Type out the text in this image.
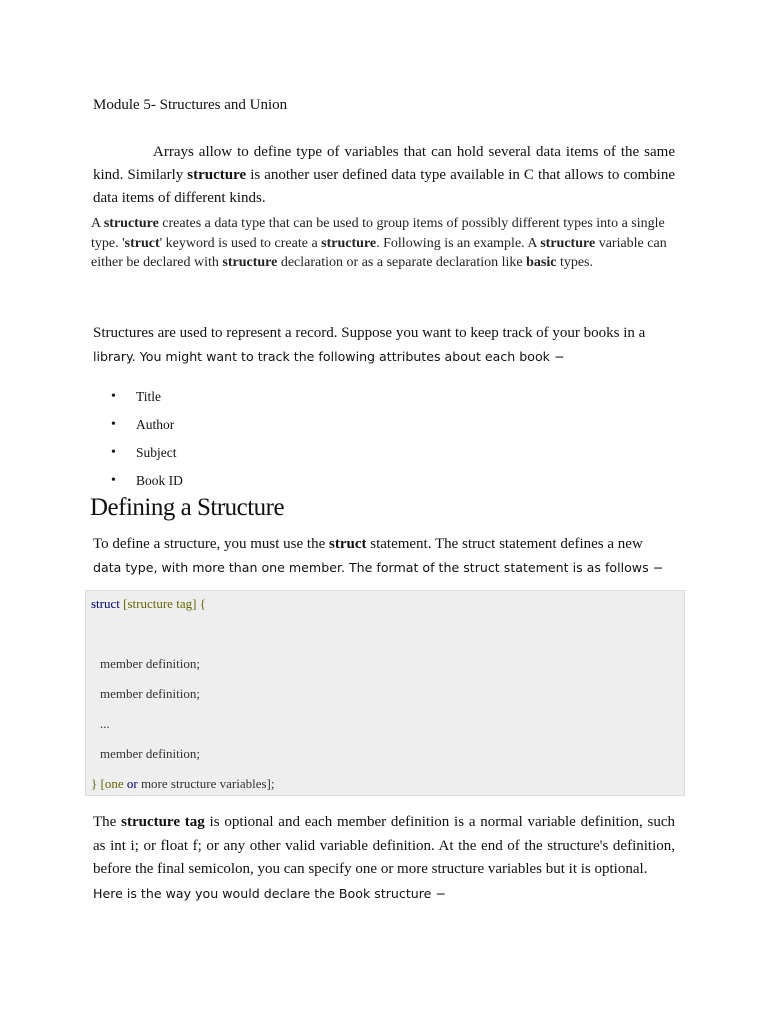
Module 5- Structures and Union

Arrays allow to define type of variables that can hold several data items of the same kind. Similarly structure is another user defined data type available in C that allows to combine data items of different kinds.

A structure creates a data type that can be used to group items of possibly different types into a single type. 'struct' keyword is used to create a structure. Following is an example. A structure variable can either be declared with structure declaration or as a separate declaration like basic types.

Structures are used to represent a record. Suppose you want to keep track of your books in a
library. You might want to track the following attributes about each book −

• Title
• Author
• Subject
• Book ID
Defining a Structure

To define a structure, you must use the struct statement. The struct statement defines a new
data type, with more than one member. The format of the struct statement is as follows −

struct [structure tag] {
member definition;
member definition;
...
member definition;
} [one or more structure variables];

The structure tag is optional and each member definition is a normal variable definition, such as int i; or float f; or any other valid variable definition. At the end of the structure's definition, before the final semicolon, you can specify one or more structure variables but it is optional.
Here is the way you would declare the Book structure −
